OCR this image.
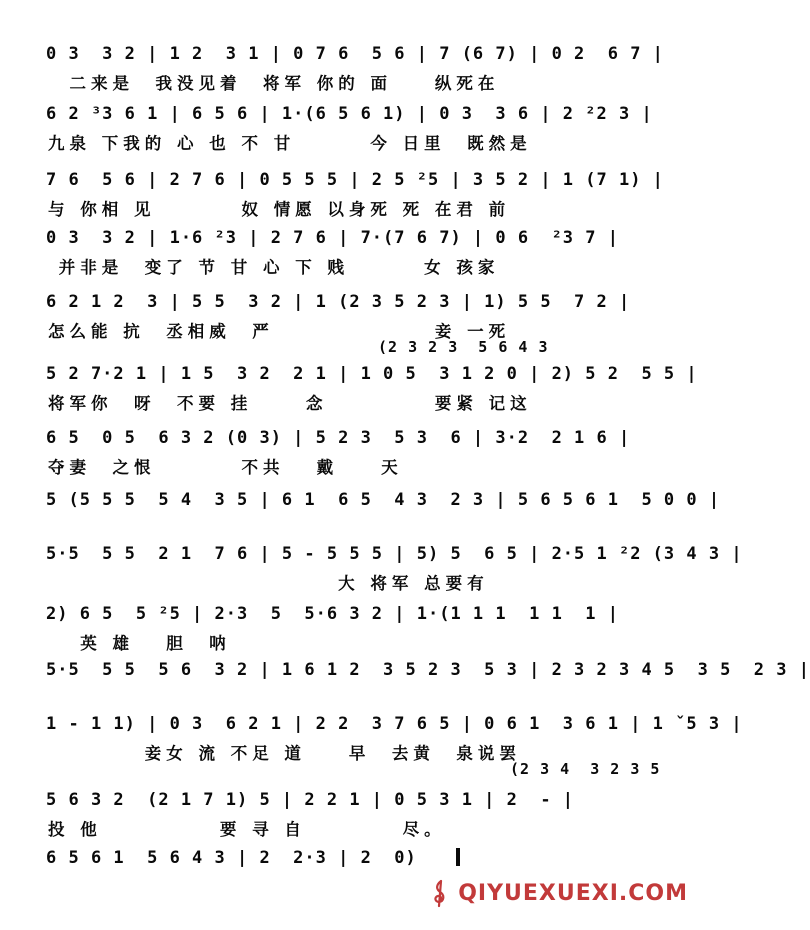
0 3  3 2 | 1 2  3 1 | 0 7 6  5 6 | 7 (6 7) | 0 2  6 7 |
二来是  我没见着  将军 你的 面    纵死在
6 2 ³3 6 1 | 6 5 6 | 1·(6 5 6 1) | 0 3  3 6 | 2 ²2 3 |
九泉 下我的 心 也 不 甘       今 日里  既然是
7 6  5 6 | 2 7 6 | 0 5 5 5 | 2 5 ²5 | 3 5 2 | 1 (7 1) |
与 你相 见        奴 情愿 以身死 死 在君 前
0 3  3 2 | 1·6 ²3 | 2 7 6 | 7·(7 6 7) | 0 6  ²3 7 |
并非是  变了 节 甘 心 下 贱       女 孩家
6 2 1 2  3 | 5 5  3 2 | 1 (2 3 5 2 3 | 1) 5 5  7 2 |
怎么能 抗  丞相威  严               妾 一死
(2 3 2 3  5 6 4 3
5 2 7·2 1 | 1 5  3 2  2 1 | 1 0 5  3 1 2 0 | 2) 5 2  5 5 |
将军你  呀  不要 挂     念          要紧 记这
6 5  0 5  6 3 2 (0 3) | 5 2 3  5 3  6 | 3·2  2 1 6 |
夺妻  之恨        不共   戴    天
5 (5 5 5  5 4  3 5 | 6 1  6 5  4 3  2 3 | 5 6 5 6 1  5 0 0 |
5·5  5 5  2 1  7 6 | 5 - 5 5 5 | 5) 5  6 5 | 2·5 1 ²2 (3 4 3 |
大 将军 总要有
2) 6 5  5 ²5 | 2·3  5  5·6 3 2 | 1·(1 1 1  1 1  1 |
英 雄   胆  呐
5·5  5 5  5 6  3 2 | 1 6 1 2  3 5 2 3  5 3 | 2 3 2 3 4 5  3 5  2 3 |
1 - 1 1) | 0 3  6 2 1 | 2 2  3 7 6 5 | 0 6 1  3 6 1 | 1 ˇ5 3 |
妾女 流 不足 道    早  去黄  泉说罢
(2 3 4  3 2 3 5
5 6 3 2  (2 1 7 1) 5 | 2 2 1 | 0 5 3 1 | 2  - |
投 他           要 寻 自         尽。
6 5 6 1  5 6 4 3 | 2  2·3 | 2  0)
QIYUEXUEXI.COM
